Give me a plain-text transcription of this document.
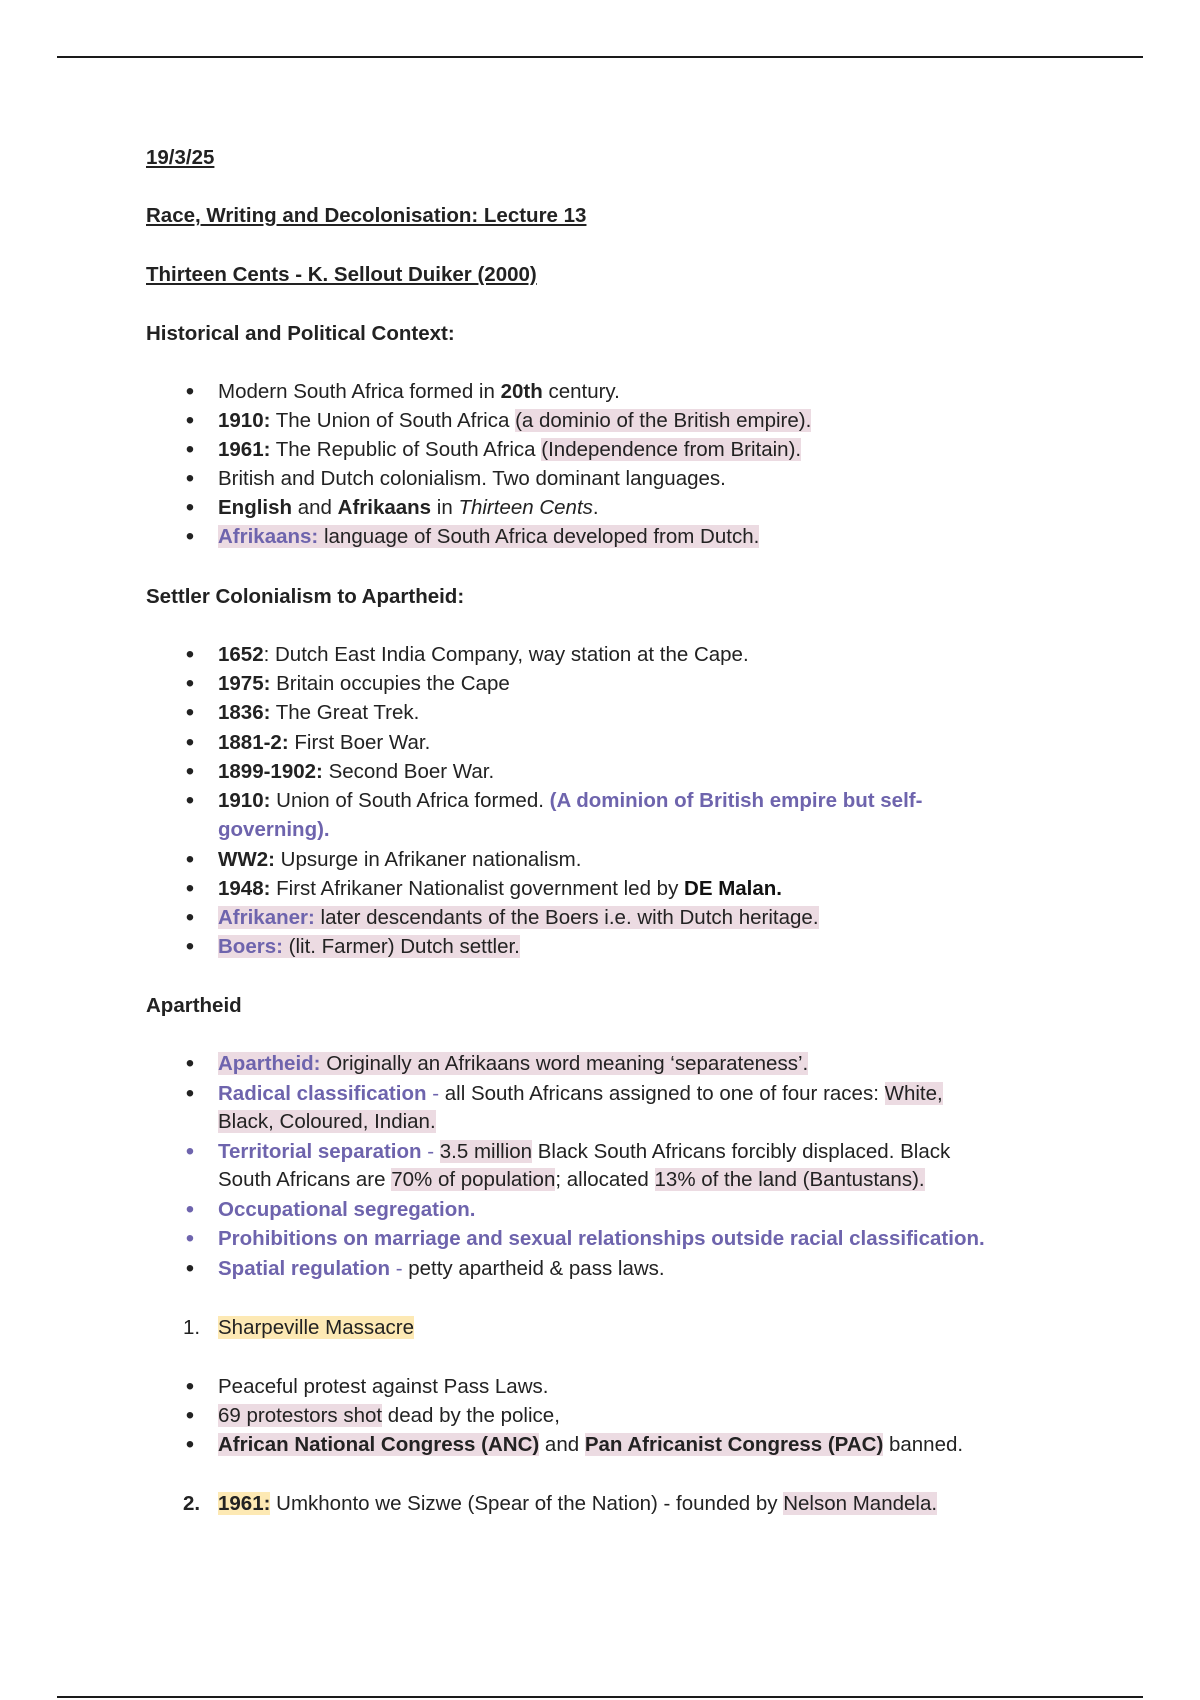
19/3/25
Race, Writing and Decolonisation: Lecture 13
Thirteen Cents - K. Sellout Duiker (2000)
Historical and Political Context:
• Modern South Africa formed in 20th century.
• 1910: The Union of South Africa (a dominio of the British empire).
• 1961: The Republic of South Africa (Independence from Britain).
• British and Dutch colonialism. Two dominant languages.
• English and Afrikaans in Thirteen Cents.
• Afrikaans: language of South Africa developed from Dutch.
Settler Colonialism to Apartheid:
• 1652: Dutch East India Company, way station at the Cape.
• 1975: Britain occupies the Cape
• 1836: The Great Trek.
• 1881-2: First Boer War.
• 1899-1902: Second Boer War.
• 1910: Union of South Africa formed. (A dominion of British empire but self-
governing).
• WW2: Upsurge in Afrikaner nationalism.
• 1948: First Afrikaner Nationalist government led by DE Malan.
• Afrikaner: later descendants of the Boers i.e. with Dutch heritage.
• Boers: (lit. Farmer) Dutch settler.
Apartheid
• Apartheid: Originally an Afrikaans word meaning ‘separateness’.
• Radical classification - all South Africans assigned to one of four races: White,
Black, Coloured, Indian.
• Territorial separation - 3.5 million Black South Africans forcibly displaced. Black
South Africans are 70% of population; allocated 13% of the land (Bantustans).
• Occupational segregation.
• Prohibitions on marriage and sexual relationships outside racial classification.
• Spatial regulation - petty apartheid & pass laws.
1. Sharpeville Massacre
• Peaceful protest against Pass Laws.
• 69 protestors shot dead by the police,
• African National Congress (ANC) and Pan Africanist Congress (PAC) banned.
2. 1961: Umkhonto we Sizwe (Spear of the Nation) - founded by Nelson Mandela.
